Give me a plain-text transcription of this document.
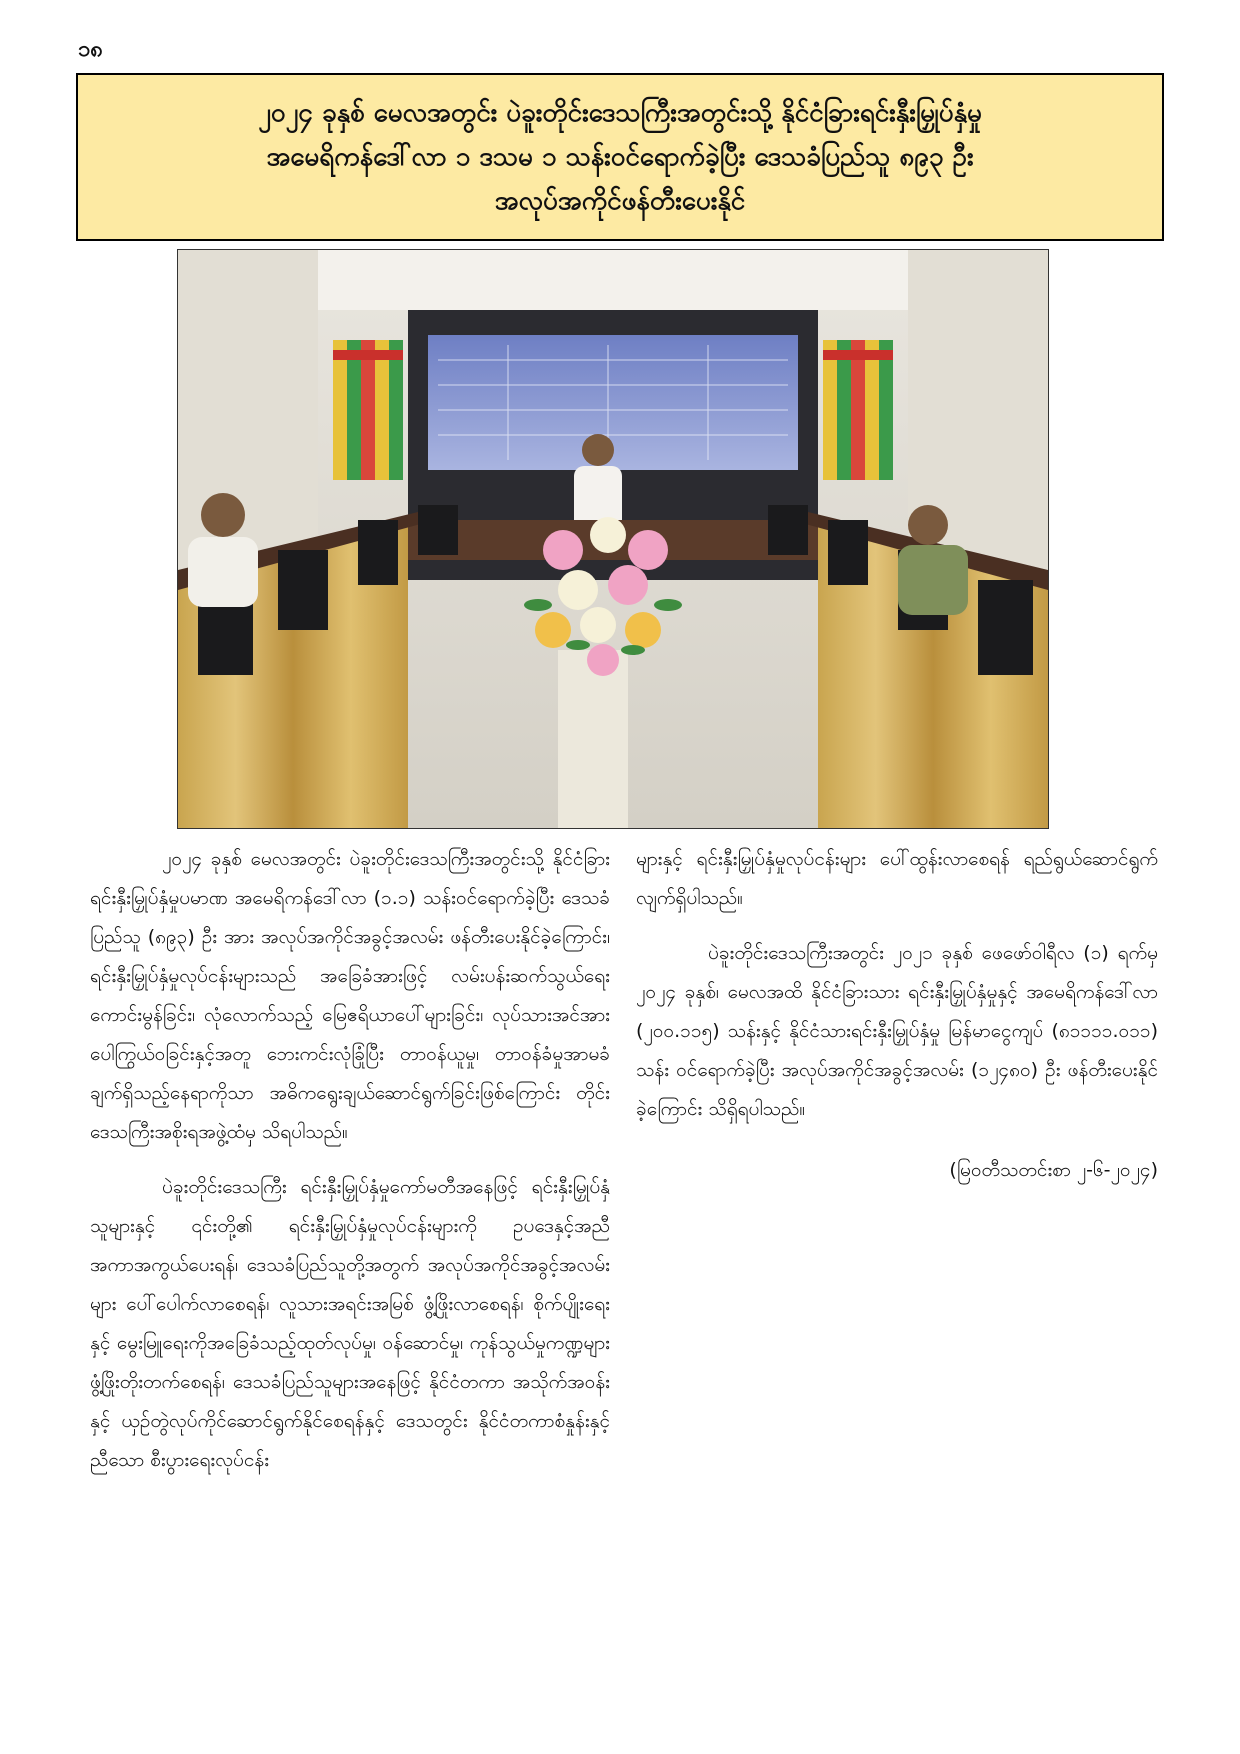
၁၈
၂၀၂၄ ခုနှစ် မေလအတွင်း ပဲခူးတိုင်းဒေသကြီးအတွင်းသို့ နိုင်ငံခြားရင်းနှီးမြှုပ်နှံမှု
အမေရိကန်ဒေါ်လာ ၁ ဒသမ ၁ သန်းဝင်ရောက်ခဲ့ပြီး ဒေသခံပြည်သူ ၈၉၃ ဦး
အလုပ်အကိုင်ဖန်တီးပေးနိုင်

၂၀၂၄ ခုနှစ် မေလအတွင်း ပဲခူးတိုင်းဒေသကြီးအတွင်းသို့ နိုင်ငံခြားရင်းနှီးမြှုပ်နှံမှုပမာဏ အမေရိကန်ဒေါ်လာ (၁.၁) သန်းဝင်ရောက်ခဲ့ပြီး ဒေသခံပြည်သူ (၈၉၃) ဦး အား အလုပ်အကိုင်အခွင့်အလမ်း ဖန်တီးပေးနိုင်ခဲ့ကြောင်း၊ ရင်းနှီးမြှုပ်နှံမှုလုပ်ငန်းများသည် အခြေခံအားဖြင့် လမ်းပန်းဆက်သွယ်ရေးကောင်းမွန်ခြင်း၊ လုံလောက်သည့် မြေဧရိယာပေါ်များခြင်း၊ လုပ်သားအင်အား ပေါကြွယ်ဝခြင်းနှင့်အတူ ဘေးကင်းလုံခြုံပြီး တာဝန်ယူမှု၊ တာဝန်ခံမှုအာမခံချက်ရှိသည့်နေရာကိုသာ အဓိကရွေးချယ်ဆောင်ရွက်ခြင်းဖြစ်ကြောင်း တိုင်းဒေသကြီးအစိုးရအဖွဲ့ထံမှ သိရပါသည်။

ပဲခူးတိုင်းဒေသကြီး ရင်းနှီးမြှုပ်နှံမှုကော်မတီအနေဖြင့် ရင်းနှီးမြှုပ်နှံသူများနှင့် ၎င်းတို့၏ ရင်းနှီးမြှုပ်နှံမှုလုပ်ငန်းများကို ဥပဒေနှင့်အညီ အကာအကွယ်ပေးရန်၊ ဒေသခံပြည်သူတို့အတွက် အလုပ်အကိုင်အခွင့်အလမ်းများ ပေါ်ပေါက်လာစေရန်၊ လူသားအရင်းအမြစ် ဖွံ့ဖြိုးလာစေရန်၊ စိုက်ပျိုးရေးနှင့် မွေးမြူရေးကိုအခြေခံသည့်ထုတ်လုပ်မှု၊ ဝန်ဆောင်မှု၊ ကုန်သွယ်မှုကဏ္ဍများ ဖွံ့ဖြိုးတိုးတက်စေရန်၊ ဒေသခံပြည်သူများအနေဖြင့် နိုင်ငံတကာ အသိုက်အဝန်းနှင့် ယှဉ်တွဲလုပ်ကိုင်ဆောင်ရွက်နိုင်စေရန်နှင့် ဒေသတွင်း နိုင်ငံတကာစံနှုန်းနှင့်ညီသော စီးပွားရေးလုပ်ငန်း

များနှင့် ရင်းနှီးမြှုပ်နှံမှုလုပ်ငန်းများ ပေါ်ထွန်းလာစေရန် ရည်ရွယ်ဆောင်ရွက်လျက်ရှိပါသည်။

ပဲခူးတိုင်းဒေသကြီးအတွင်း ၂၀၂၁ ခုနှစ် ဖေဖော်ဝါရီလ (၁) ရက်မှ ၂၀၂၄ ခုနှစ်၊ မေလအထိ နိုင်ငံခြားသား ရင်းနှီးမြှုပ်နှံမှုနှင့် အမေရိကန်ဒေါ်လာ (၂၀၀.၁၁၅) သန်းနှင့် နိုင်ငံသားရင်းနှီးမြှုပ်နှံမှု မြန်မာငွေကျပ် (၈၁၁၁၁.၀၁၁) သန်း ဝင်ရောက်ခဲ့ပြီး အလုပ်အကိုင်အခွင့်အလမ်း (၁၂၄၈၀) ဦး ဖန်တီးပေးနိုင်ခဲ့ကြောင်း သိရှိရပါသည်။

(မြဝတီသတင်းစာ ၂-၆-၂၀၂၄)
